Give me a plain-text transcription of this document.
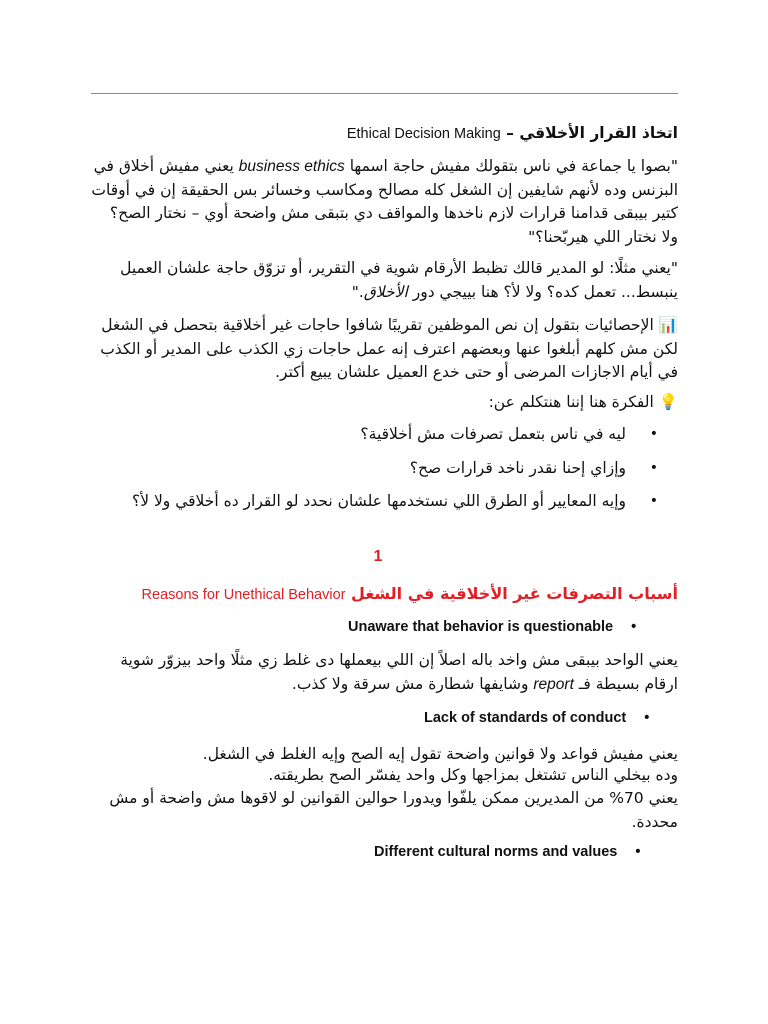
اتخاذ القرار الأخلاقي – Ethical Decision Making

"بصوا يا جماعة في ناس بتقولك مفيش حاجة اسمها business ethics يعني مفيش أخلاق في البزنس وده لأنهم شايفين إن الشغل كله مصالح ومكاسب وخسائر بس الحقيقة إن في أوقات كتير بيبقى قدامنا قرارات لازم ناخدها والمواقف دي بتبقى مش واضحة أوي – نختار الصح؟ ولا نختار اللي هيربّحنا؟"

"يعني مثلًا: لو المدير قالك تظبط الأرقام شوية في التقرير، أو تزوّق حاجة علشان العميل ينبسط... تعمل كده؟ ولا لأ؟ هنا بييجي دور الأخلاق."

📊 الإحصائيات بتقول إن نص الموظفين تقريبًا شافوا حاجات غير أخلاقية بتحصل في الشغل لكن مش كلهم أبلغوا عنها وبعضهم اعترف إنه عمل حاجات زي الكذب على المدير أو الكذب في أيام الاجازات المرضى أو حتى خدع العميل علشان يبيع أكتر.

💡 الفكرة هنا إننا هنتكلم عن:

•
ليه في ناس بتعمل تصرفات مش أخلاقية؟
•
وإزاي إحنا نقدر ناخد قرارات صح؟
•
وإيه المعايير أو الطرق اللي نستخدمها علشان نحدد لو القرار ده أخلاقي ولا لأ؟
1
أسباب التصرفات غير الأخلاقية في الشغل Reasons for Unethical Behavior
Unaware that behavior is questionable •

يعني الواحد بيبقى مش واخد باله اصلاً إن اللي بيعملها دى غلط زي مثلًا واحد بيزوّر شوية ارقام بسيطة فـ report وشايفها شطارة مش سرقة ولا كذب.

Lack of standards of conduct •

يعني مفيش قواعد ولا قوانين واضحة تقول إيه الصح وإيه الغلط في الشغل.

وده بيخلي الناس تشتغل بمزاجها وكل واحد يفسّر الصح بطريقته.

يعني 70% من المديرين ممكن يلفّوا ويدورا حوالين القوانين لو لاقوها مش واضحة أو مش محددة.

Different cultural norms and values •
